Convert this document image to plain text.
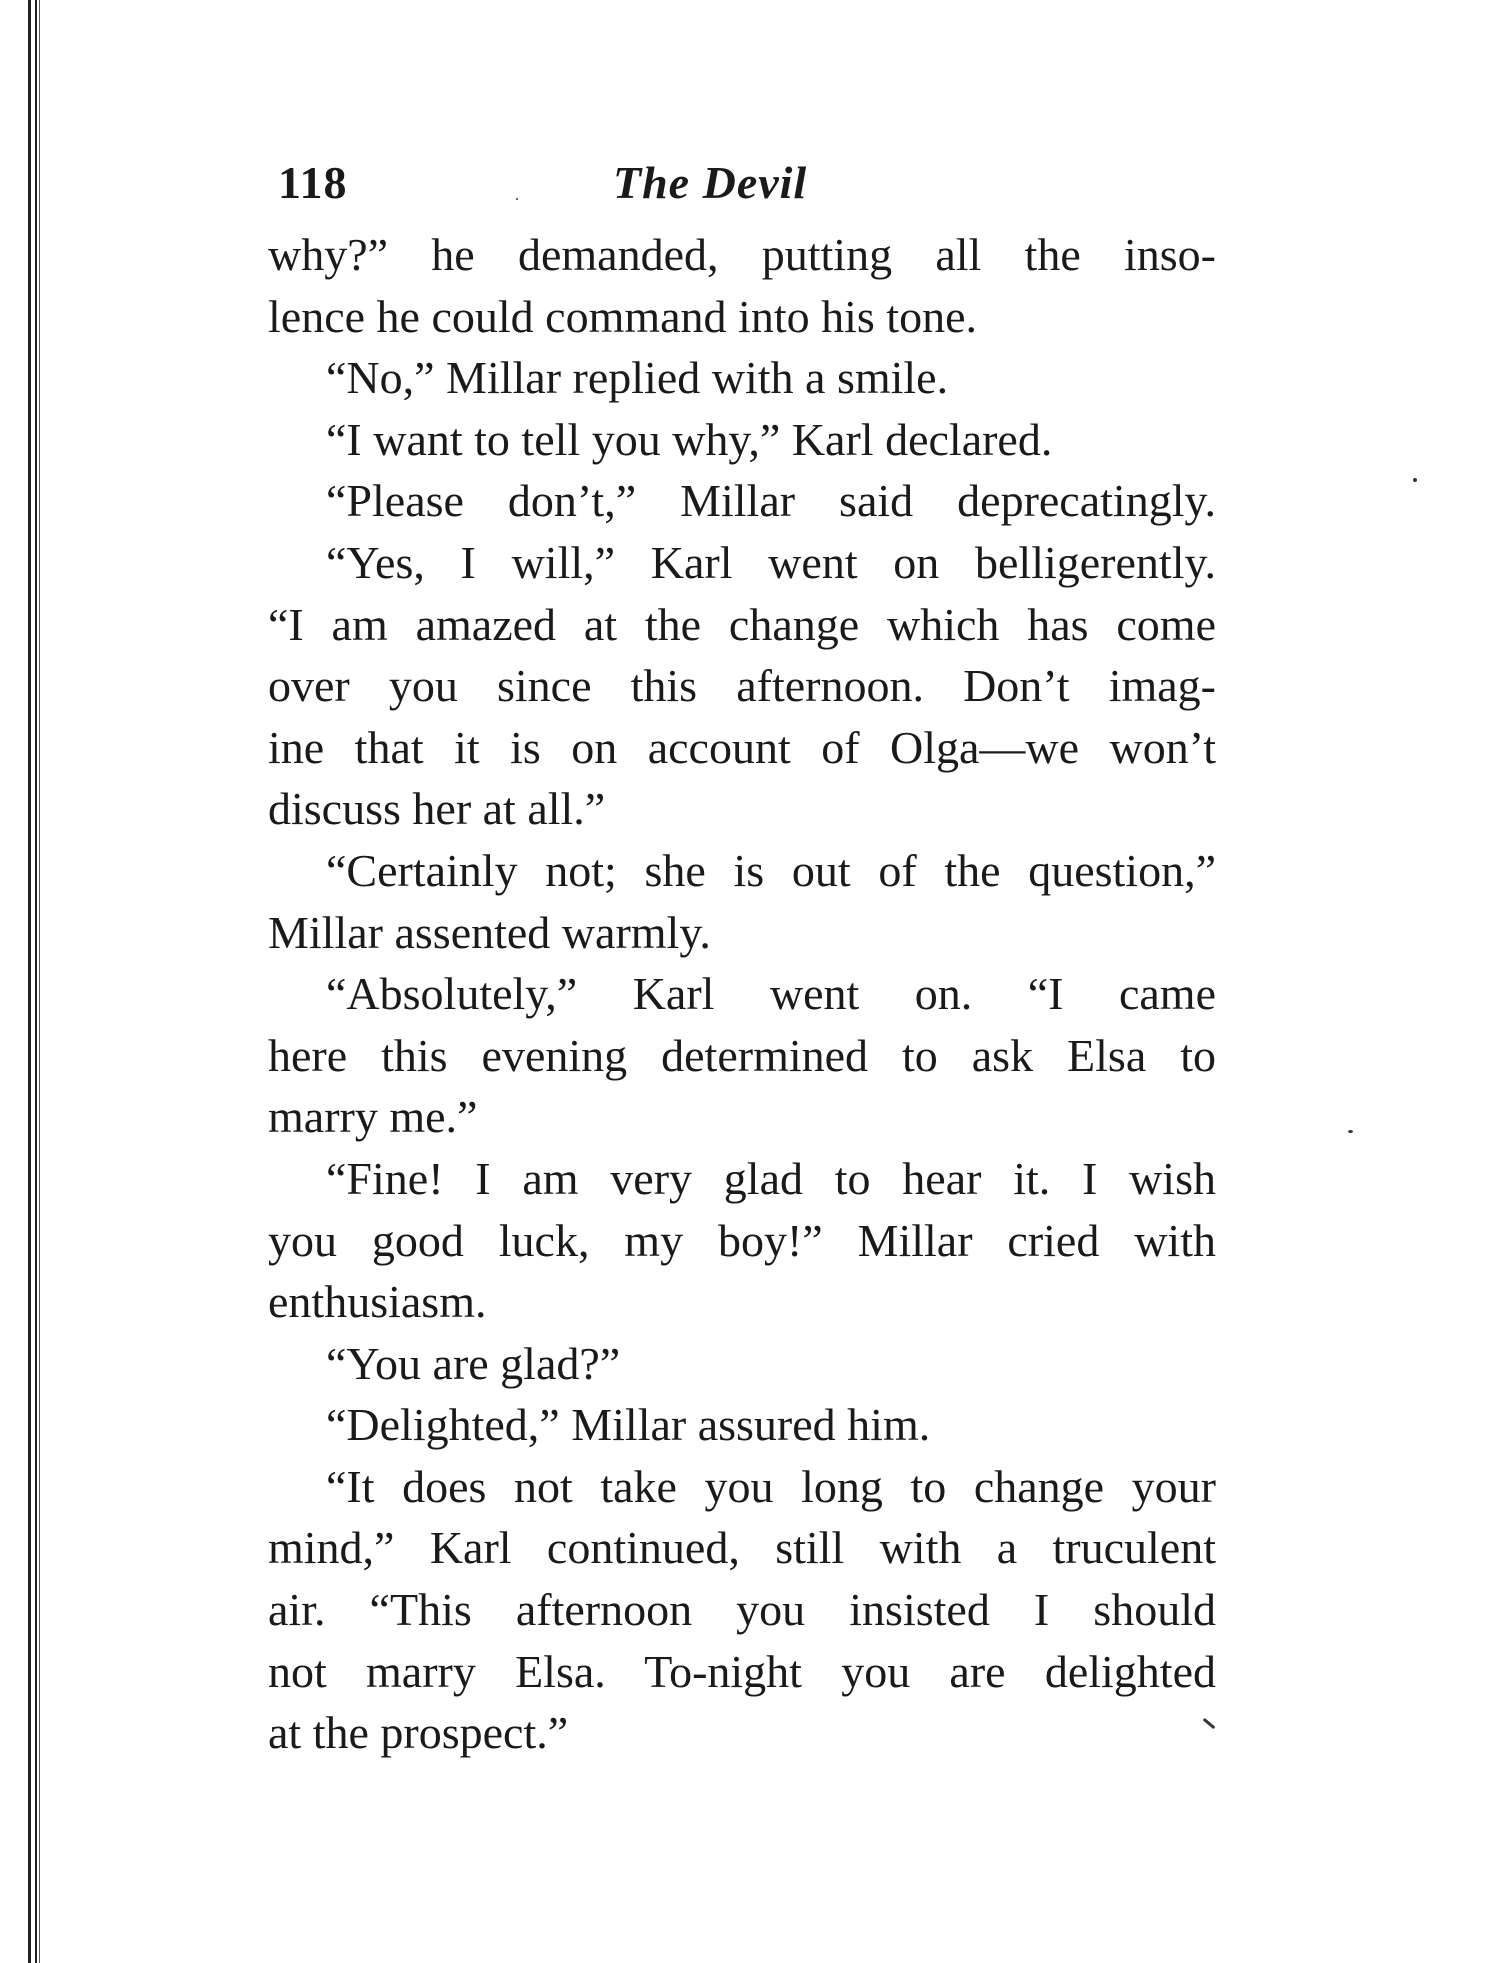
118	The Devil
why?” he demanded, putting all the inso-
lence he could command into his tone.
“No,” Millar replied with a smile.
“I want to tell you why,” Karl declared.
“Please don’t,” Millar said deprecatingly.
“Yes, I will,” Karl went on belligerently.
“I am amazed at the change which has come
over you since this afternoon. Don’t imag-
ine that it is on account of Olga—we won’t
discuss her at all.”
“Certainly not; she is out of the question,”
Millar assented warmly.
“Absolutely,” Karl went on. “I came
here this evening determined to ask Elsa to
marry me.”
“Fine! I am very glad to hear it. I wish
you good luck, my boy!” Millar cried with
enthusiasm.
“You are glad?”
“Delighted,” Millar assured him.
“It does not take you long to change your
mind,” Karl continued, still with a truculent
air. “This afternoon you insisted I should
not marry Elsa. To-night you are delighted
at the prospect.”
